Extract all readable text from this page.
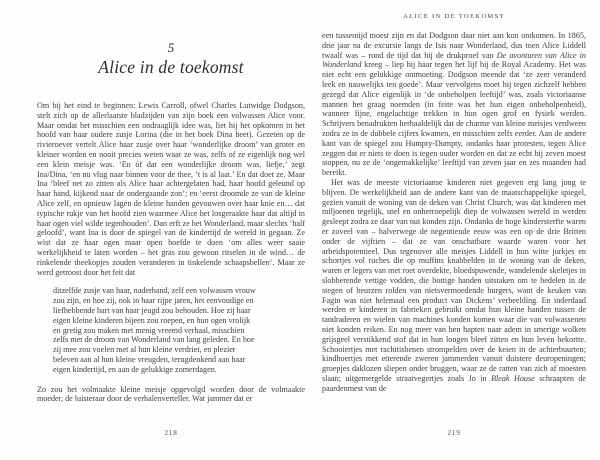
5
Alice in de toekomst

Om bij het eind te beginnen: Lewis Carroll, ofwel Charles Lutwidge Dodgson, stelt zich op de allerlaatste bladzijden van zijn boek een volwassen Alice voor. Maar omdat het misschien een ondraaglijk idee was, liet hij het opkomen in het hoofd van haar oudere zusje Lorina (die in het boek Dina heet). Gezeten op de rivieroever vertelt Alice haar zusje over haar ‘wonderlijke droom’ van groter en kleiner worden en nooit precies weten waar ze was, zelfs of ze eigenlijk nog wel een klein meisje was. ‘En óf dat een wonderlijke droom was, liefje,’ zegt Ina/Dina, ‘en nu vlug naar binnen voor de thee, ’t is al laat.’ En dat doet ze. Maar Ina ‘bleef net zo zitten als Alice haar achtergelaten had, haar hoofd geleund op haar hand, kijkend naar de ondergaande zon’; en ‘eerst droomde ze van de kleine Alice zelf, en opnieuw lagen de kleine handen gevouwen over haar knie en… dat typische rukje van het hoofd zien waarmee Alice het losgeraakte haar dat altijd in haar ogen viel wilde tegenhouden’. Dan erft ze het Wonderland, maar slechts ‘half geloofd’, want Ina is door de spiegel van de kindertijd de wereld in gegaan. Ze wist dat ze haar ogen maar open hoefde te doen ‘om alles weer saaie werkelijkheid te laten worden – het gras zou gewoon ritselen in de wind… de rinkelende theekopjes zouden veranderen in tinkelende schaapsbellen’. Maar ze werd getroost door het feit dat

ditzelfde zusje van haar, naderhand, zelf een volwassen vrouw zou zijn, en hoe zij, ook in haar rijpe jaren, het eenvoudige en liefhebbende hart van haar jeugd zou behouden. Hoe zij haar eigen kleine kinderen bijeen zou roepen, en hun ogen vrolijk en gretig zou maken met menig vreemd verhaal, misschien zelfs met de droom van Wonderland van lang geleden. En hoe zij mee zou voelen met al hun kleine verdriet, en plezier beleven aan al hun kleine vreugden, terugdenkend aan haar eigen kindertijd, en aan de gelukkige zomerdagen.

Zo zou het volmaakte kleine meisje opgevolgd worden door de volmaakte moeder, de luisteraar door de verhalenverteller. Wat jammer dat er

218
ALICE IN DE TOEKOMST

een tussentijd moest zijn en dat Dodgson daar niet aan kon ontkomen. In 1865, drie jaar na de excursie langs de Isis naar Wonderland, dus toen Alice Liddell twaalf was – rond de tijd dat hij de drukproef van De avonturen van Alice in Wonderland kreeg – liep hij haar tegen het lijf bij de Royal Academy. Het was niet echt een gelukkige ontmoeting. Dodgson meende dat ‘ze zeer veranderd leek en nauwelijks ten goede’. Maar vervolgens moet hij tegen zichzelf hebben gezegd dat Alice eigenlijk in ‘de onbeholpen leeftijd’ was, zoals victoriaanse mannen het graag noemden (in feite was het hun eigen onbeholpenheid), wanneer fijne, engelachtige trekken in hun ogen grof en fysiek werden. Schrijvers benadrukten herhaaldelijk dat de charme van kleine meisjes verdween zodra ze in de dubbele cijfers kwamen, en misschien zelfs eerder. Aan de andere kant van de spiegel zou Humpty-Dumpty, ondanks haar protesten, tegen Alice zeggen dat er niets te doen is tegen ouder worden en dat ze echt bij zeven moest stoppen, nu ze de ‘ongemakkelijke’ leeftijd van zeven jaar en zes maanden had bereikt.

Het was de meeste victoriaanse kinderen niet gegeven erg lang jong te blijven. De werkelijkheid aan de andere kant van de maatschappelijke spiegel, gezien vanuit de woning van de deken van Christ Church, was dat kinderen met miljoenen tegelijk, snel en onherroepelijk diep de volwassen wereld in werden gesleept zodra ze daar van nut konden zijn. Ondanks de hoge kindersterfte waren er zoveel van – halverwege de negentiende eeuw was een op de drie Britten onder de vijftien – dat ze van onschatbare waarde waren voor het arbeidspotentieel. Dus tegenover alle meisjes Liddell in hun witte jurkjes en schortjes vol ruches die op muffins knabbelden in de woning van de deken, waren er legers van met roet overdekte, bloedspuwende, wandelende skeletjes in slobberende vettige vodden, die bottige handen uitstaken om te bedelen in de stegen of beurzen rolden van nietsvermoedende burgers, want de keuken van Fagin was niet helemaal een product van Dickens’ verbeelding. En inderdaad werden er kinderen in fabrieken gebruikt omdat hun kleine handen tussen de tandraderen en wielen van machines konden komen waar die van volwassenen niet konden reiken. En nog meer van hen hapten naar adem in smerige wolken grijsgeel verstikkend stof dat in hun longen bleef zitten en hun leven bekortte. Schooiertjes met rachitisbenen strompelden over de keien in de achterbuurten; kindhoertjes met etterende zweren jammerden vanuit duistere deuropeningen; groepjes daklozen sliepen onder bruggen, waar ze de ratten van zich af moesten slaan; uitgemergelde straatvegertjes zoals Jo in Bleak House schraapten de paardenmest van de

219
